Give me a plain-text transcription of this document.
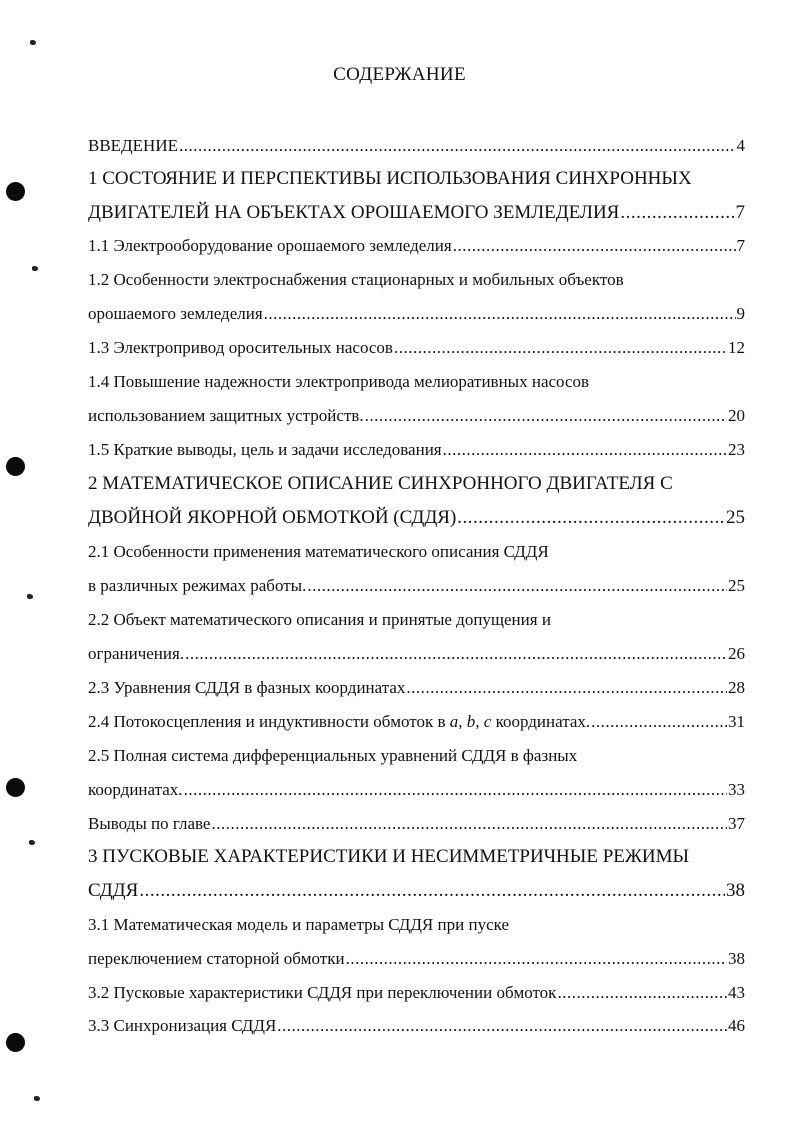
СОДЕРЖАНИЕ
ВВЕДЕНИЕ .....	4
1 СОСТОЯНИЕ И ПЕРСПЕКТИВЫ ИСПОЛЬЗОВАНИЯ СИНХРОННЫХ
ДВИГАТЕЛЕЙ НА ОБЪЕКТАХ ОРОШАЕМОГО ЗЕМЛЕДЕЛИЯ .....	7
1.1 Электрооборудование орошаемого земледелия .....	7
1.2 Особенности электроснабжения стационарных и мобильных объектов
орошаемого земледелия .....	9
1.3 Электропривод оросительных насосов .....	12
1.4 Повышение надежности электропривода мелиоративных насосов
использованием защитных устройств. .....	20
1.5 Краткие выводы, цель и задачи исследования .....	23
2 МАТЕМАТИЧЕСКОЕ ОПИСАНИЕ СИНХРОННОГО ДВИГАТЕЛЯ С
ДВОЙНОЙ ЯКОРНОЙ ОБМОТКОЙ (СДДЯ) .....	25
2.1 Особенности применения математического описания СДДЯ
в различных режимах работы. .....	25
2.2 Объект математического описания и принятые допущения и
ограничения. .....	26
2.3 Уравнения СДДЯ в фазных координатах .....	28
2.4 Потокосцепления и индуктивности обмоток в a, b, c координатах. .....	31
2.5 Полная система дифференциальных уравнений СДДЯ в фазных
координатах. .....	33
Выводы по главе .....	37
3 ПУСКОВЫЕ ХАРАКТЕРИСТИКИ И НЕСИММЕТРИЧНЫЕ РЕЖИМЫ
СДДЯ .....	38
3.1 Математическая модель и параметры СДДЯ при пуске
переключением статорной обмотки .....	38
3.2 Пусковые характеристики СДДЯ при переключении обмоток .....	43
3.3 Синхронизация СДДЯ .....	46
